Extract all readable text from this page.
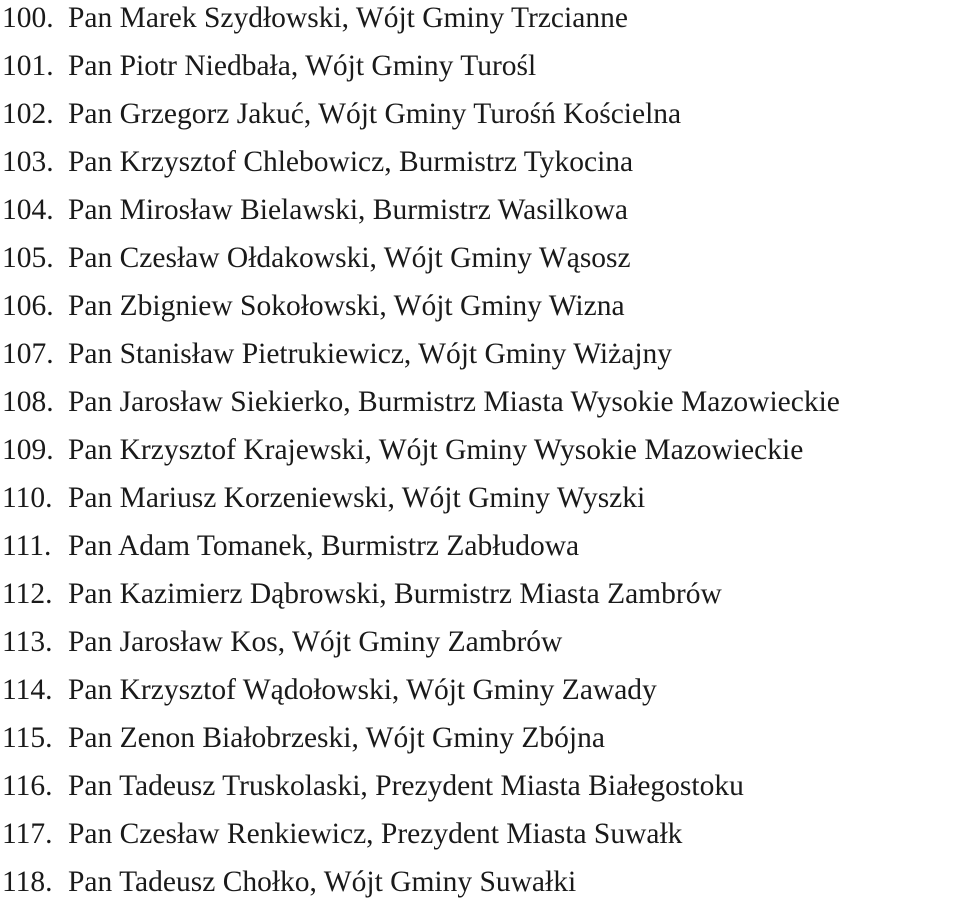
100. Pan Marek Szydłowski, Wójt Gminy Trzcianne
101. Pan Piotr Niedbała, Wójt Gminy Turośl
102. Pan Grzegorz Jakuć, Wójt Gminy Turośń Kościelna
103. Pan Krzysztof Chlebowicz, Burmistrz Tykocina
104. Pan Mirosław Bielawski, Burmistrz Wasilkowa
105. Pan Czesław Ołdakowski, Wójt Gminy Wąsosz
106. Pan Zbigniew Sokołowski, Wójt Gminy Wizna
107. Pan Stanisław Pietrukiewicz, Wójt Gminy Wiżajny
108. Pan Jarosław Siekierko, Burmistrz Miasta Wysokie Mazowieckie
109. Pan Krzysztof Krajewski, Wójt Gminy Wysokie Mazowieckie
110. Pan Mariusz Korzeniewski, Wójt Gminy Wyszki
111. Pan Adam Tomanek, Burmistrz Zabłudowa
112. Pan Kazimierz Dąbrowski, Burmistrz Miasta Zambrów
113. Pan Jarosław Kos, Wójt Gminy Zambrów
114. Pan Krzysztof Wądołowski, Wójt Gminy Zawady
115. Pan Zenon Białobrzeski, Wójt Gminy Zbójna
116. Pan Tadeusz Truskolaski, Prezydent Miasta Białegostoku
117. Pan Czesław Renkiewicz, Prezydent Miasta Suwałk
118. Pan Tadeusz Chołko, Wójt Gminy Suwałki
